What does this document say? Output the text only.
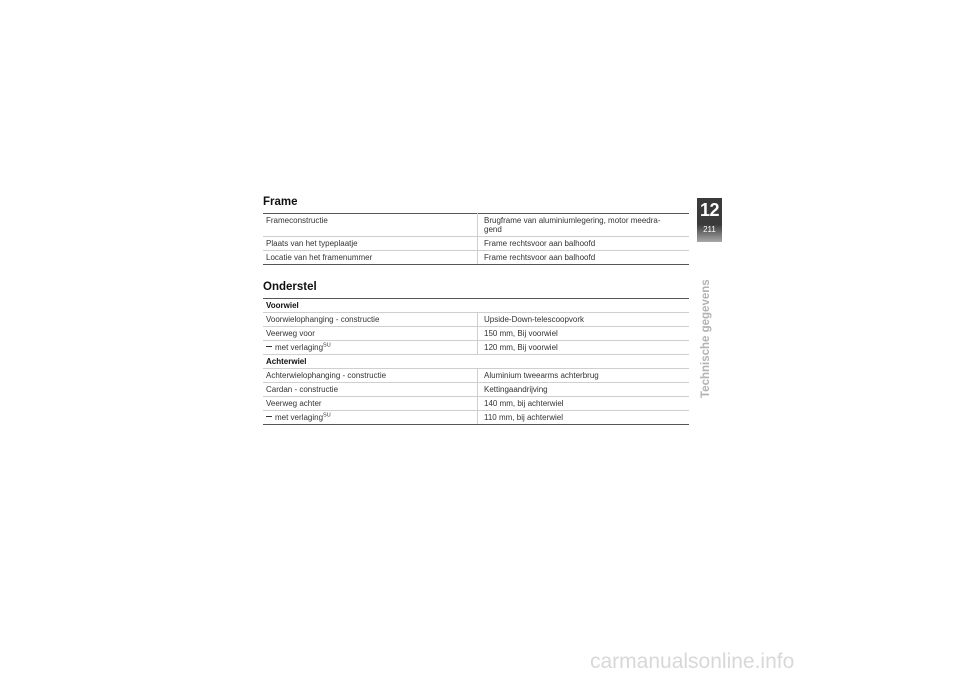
Frame
Frameconstructie	Brugframe van aluminiumlegering, motor meedra-
gend
Plaats van het typeplaatje	Frame rechtsvoor aan balhoofd
Locatie van het framenummer	Frame rechtsvoor aan balhoofd
Onderstel
Voorwiel	
Voorwielophanging - constructie	Upside-Down-telescoopvork
Veerweg voor	150 mm, Bij voorwiel
met verlaging$^{SU}$	120 mm, Bij voorwiel
Achterwiel	
Achterwielophanging - constructie	Aluminium tweearms achterbrug
Cardan - constructie	Kettingaandrijving
Veerweg achter	140 mm, bij achterwiel
met verlaging$^{SU}$	110 mm, bij achterwiel
12
211
Technische gegevens
carmanualsonline.info
